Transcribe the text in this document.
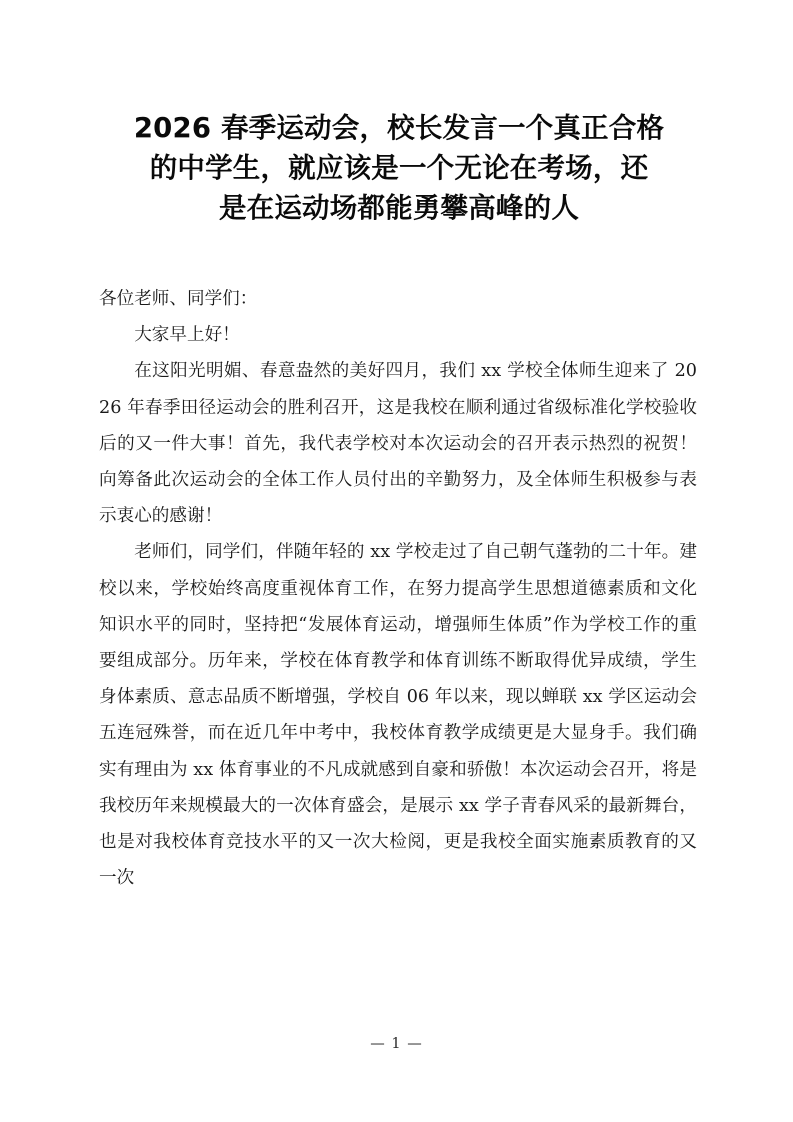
2026 春季运动会，校长发言一个真正合格
的中学生，就应该是一个无论在考场，还
是在运动场都能勇攀高峰的人

各位老师、同学们：

大家早上好！

在这阳光明媚、春意盎然的美好四月，我们 xx 学校全体师生迎来了 2026 年春季田径运动会的胜利召开，这是我校在顺利通过省级标准化学校验收后的又一件大事！首先，我代表学校对本次运动会的召开表示热烈的祝贺！向筹备此次运动会的全体工作人员付出的辛勤努力，及全体师生积极参与表示衷心的感谢！

老师们，同学们，伴随年轻的 xx 学校走过了自己朝气蓬勃的二十年。建校以来，学校始终高度重视体育工作，在努力提高学生思想道德素质和文化知识水平的同时，坚持把“发展体育运动，增强师生体质”作为学校工作的重要组成部分。历年来，学校在体育教学和体育训练不断取得优异成绩，学生身体素质、意志品质不断增强，学校自 06 年以来，现以蝉联 xx 学区运动会五连冠殊誉，而在近几年中考中，我校体育教学成绩更是大显身手。我们确实有理由为 xx 体育事业的不凡成就感到自豪和骄傲！本次运动会召开，将是我校历年来规模最大的一次体育盛会，是展示 xx 学子青春风采的最新舞台，也是对我校体育竞技水平的又一次大检阅，更是我校全面实施素质教育的又一次

— 1 —
